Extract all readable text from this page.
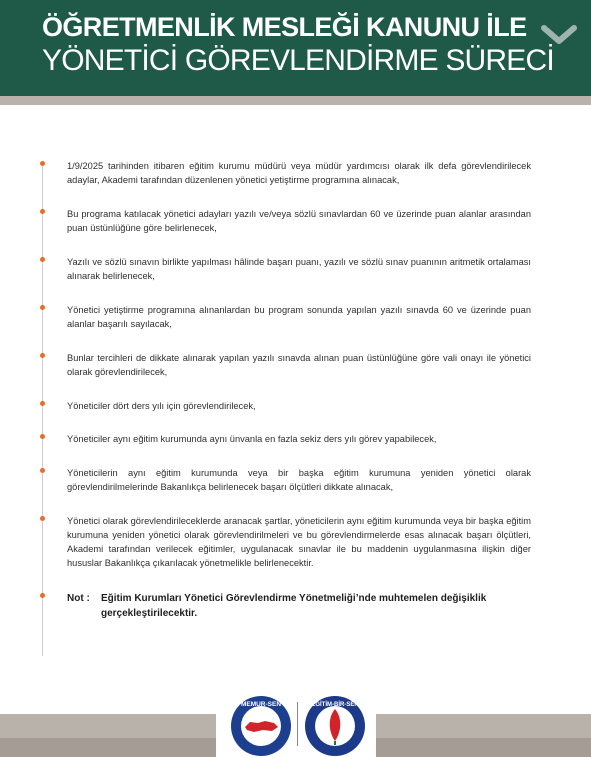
ÖĞRETMENLİK MESLEĞİ KANUNU İLE
YÖNETİCİ GÖREVLENDİRME SÜRECİ

1/9/2025 tarihinden itibaren eğitim kurumu müdürü veya müdür yardımcısı olarak ilk defa görevlendirilecek adaylar, Akademi tarafından düzenlenen yönetici yetiştirme programına alınacak,

Bu programa katılacak yönetici adayları yazılı ve/veya sözlü sınavlardan 60 ve üzerinde puan alanlar arasından puan üstünlüğüne göre belirlenecek,

Yazılı ve sözlü sınavın birlikte yapılması hâlinde başarı puanı, yazılı ve sözlü sınav puanının aritmetik ortalaması alınarak belirlenecek,

Yönetici yetiştirme programına alınanlardan bu program sonunda yapılan yazılı sınavda 60 ve üzerinde puan alanlar başarılı sayılacak,

Bunlar tercihleri de dikkate alınarak yapılan yazılı sınavda alınan puan üstünlüğüne göre vali onayı ile yönetici olarak görevlendirilecek,

Yöneticiler dört ders yılı için görevlendirilecek,

Yöneticiler aynı eğitim kurumunda aynı ünvanla en fazla sekiz ders yılı görev yapabilecek,

Yöneticilerin aynı eğitim kurumunda veya bir başka eğitim kurumuna yeniden yönetici olarak görevlendirilmelerinde Bakanlıkça belirlenecek başarı ölçütleri dikkate alınacak,

Yönetici olarak görevlendirileceklerde aranacak şartlar, yöneticilerin aynı eğitim kurumunda veya bir başka eğitim kurumuna yeniden yönetici olarak görevlendirilmeleri ve bu görevlendirmelerde esas alınacak başarı ölçütleri, Akademi tarafından verilecek eğitimler, uygulanacak sınavlar ile bu maddenin uygulanmasına ilişkin diğer hususlar Bakanlıkça çıkarılacak yönetmelikle belirlenecektir.

Not : Eğitim Kurumları Yönetici Görevlendirme Yönetmeliği’nde muhtemelen değişiklik gerçekleştirilecektir.
MEMUR-SEN	EĞİTİM-BİR-SEN
